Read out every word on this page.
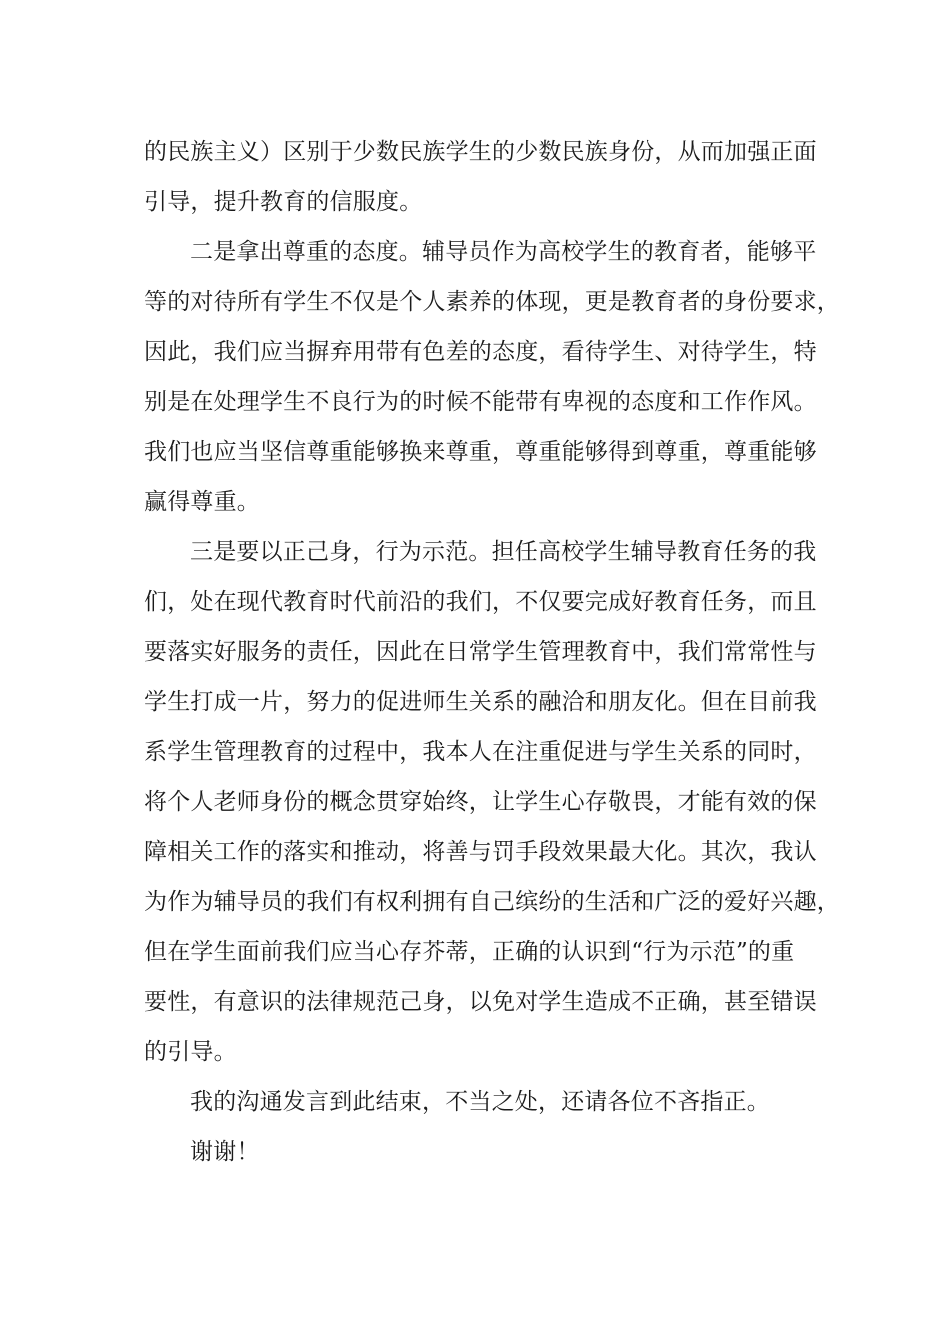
的民族主义）区别于少数民族学生的少数民族身份，从而加强正面
引导，提升教育的信服度。
二是拿出尊重的态度。辅导员作为高校学生的教育者，能够平
等的对待所有学生不仅是个人素养的体现，更是教育者的身份要求，
因此，我们应当摒弃用带有色差的态度，看待学生、对待学生，特
别是在处理学生不良行为的时候不能带有卑视的态度和工作作风。
我们也应当坚信尊重能够换来尊重，尊重能够得到尊重，尊重能够
赢得尊重。
三是要以正己身，行为示范。担任高校学生辅导教育任务的我
们，处在现代教育时代前沿的我们，不仅要完成好教育任务，而且
要落实好服务的责任，因此在日常学生管理教育中，我们常常性与
学生打成一片，努力的促进师生关系的融洽和朋友化。但在目前我
系学生管理教育的过程中，我本人在注重促进与学生关系的同时，
将个人老师身份的概念贯穿始终，让学生心存敬畏，才能有效的保
障相关工作的落实和推动，将善与罚手段效果最大化。其次，我认
为作为辅导员的我们有权利拥有自己缤纷的生活和广泛的爱好兴趣，
但在学生面前我们应当心存芥蒂，正确的认识到“行为示范”的重
要性，有意识的法律规范己身，以免对学生造成不正确，甚至错误
的引导。
我的沟通发言到此结束，不当之处，还请各位不吝指正。
谢谢！
